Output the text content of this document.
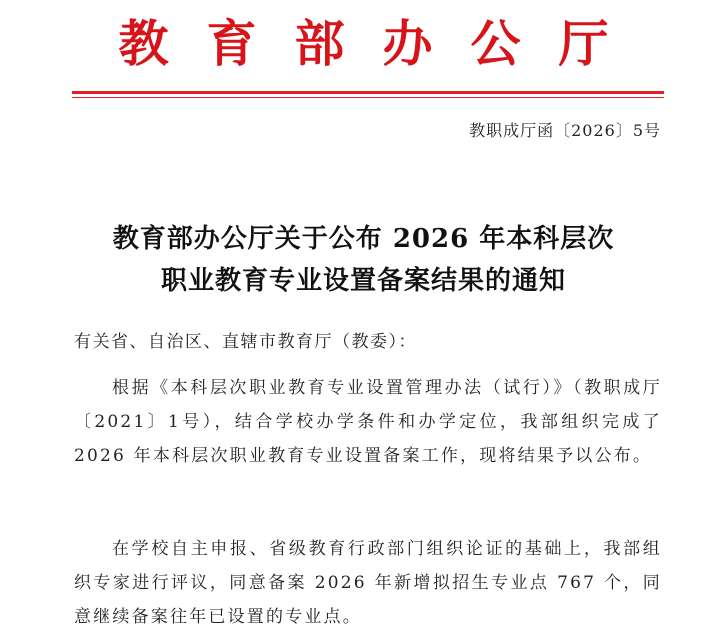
教育部办公厅
教职成厅函〔2026〕5号
教育部办公厅关于公布 2026 年本科层次
职业教育专业设置备案结果的通知
有关省、自治区、直辖市教育厅（教委）：

根据《本科层次职业教育专业设置管理办法（试行）》（教职成厅〔2021〕1号），结合学校办学条件和办学定位，我部组织完成了 2026 年本科层次职业教育专业设置备案工作，现将结果予以公布。

在学校自主申报、省级教育行政部门组织论证的基础上，我部组织专家进行评议，同意备案 2026 年新增拟招生专业点 767 个，同意继续备案往年已设置的专业点。
